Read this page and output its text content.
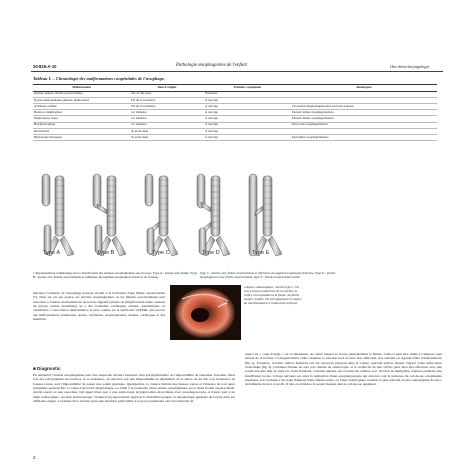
20-826-A-10	Pathologie œsophagienne de l'enfant	Oto-rhino-laryngologie
Tableau I. – Chronologie des malformations congénitales de l'œsophage.
Malformation	Date d'origine	Premiers symptômes	Remarques
Atrésie, sténose, fistule (oesotrachéale)	22e au 36e jours	Naissance	
Kystes entérogéniques (lésions, duplication)	Fin du 1er trimestre	À tout âge	
Achalasie cardiale	Fin du 1er trimestre	À tout âge	Les lésions diagnostiquées plus tard sont acquises
Hernie et diaphragmes	1er trimestre	À tout âge	Peuvent mimer œsophagomalacie
Duplications vraies	1er trimestre	À tout âge	Peuvent mimer œsophagomalacie
Brachyœsophage	1er trimestre	À tout âge	Pour toute œsophagomalacie
Diverticules	3e au 4e mois	À tout âge	
Hétérotopie muqueuse	5e au 6e mois	À tout âge	Peut imiter œsophagomalacie
Type A	Type B	Type C	Type D	Type E
1 Représentation schématique de la classification des atrésies œsophagiennes selon Gross. Type A : atrésie sans fistule. Type B : atrésie avec fistule oesotrachéale et inférieure du segment œsophagien d'axial et de l'atrésie.
Type C : atrésie avec fistule oesotrachéale et inférieure du segment œsophagien d'atrésie. Type D : atrésie œsophagienne avec fistule oesotrachéale. Type E : fistule oesotrachéale isolée.
mécanes localisées de l'œsophage peuvent aboutir à la formation d'une fistule oesotrachéale [7]. Dans un cas sur quatre, les atrésies œsophagiennes ou les fistules oesotrachéales sont associées à d'autres malformations du tractus digestif (atrésie ou imperforation anale, sténose du pylore, atrésie duodénale) ou à des anomalies cardiaques, rénales, squelettiques ou vertébrales. L'association malformative la plus connue est le syndrome VATERL qui associe des malformations vertébrales, anales, trachéales, œsophagiennes, rénales, cardiaques et des membres.
2 Aspect endoscopique : atrésie type C. On voit à la face postérieure de la trachée un orifice correspondant à la fistule. La flèche montre l'orifice. On voit également un aspect de trachéomalacie à l'endroit de la fistule.
■ Diagnostic
En anténatal, l'atrésie œsophagienne peut être suspectée devant l'existence d'un polyhydramnios ou l'impossibilité de visualiser l'estomac fœtal lors des échographies successives. À la naissance, on retrouve soit une impossibilité de déglutition de la salive ou du lait, soit l'existence de fausses routes, soit l'impossibilité de passer une sonde gastrique. Quelquefois, la carence initiale des fausses routes et l'absence de tout autre symptôme peuvent être la cause d'un retard diagnostique. Le bilan à la recherche d'une atrésie œsophagienne et/ou d'une fistule oesotrachéale, qu'elle soient ou non associées, fait appel d'une part à une endoscopie laryngotrachéo-bronchique avec œsophagoscopie, et d'autre part à un bilan radiologique. Au plan endoscopique, l'examen laryngotrachéal apprécie la mobilité laryngée, la morphologie générale du larynx dans ses différents étages. L'examen de la trachée porte une attention particulière à la paroi postérieure où l'on recherche un
aspect en « coup d'ongle » sur la muqueuse, au centre duquel se trouve généralement la fistule. Celle-ci peut être située à n'importe quel niveau de la trachée. L'enregistrement vidéo visualise la jonction hors recours hors infection, très souvent on regarde d'une trachéomalacie (fig 2). Toutefois, certains orifices fistuleux ont été retrouvés jusqu'au dans la carène, pouvant parfois donner l'aspect d'une trifurcation bronchique (fig 3). Certaines fistules ne sont pas visibles en endoscopie, et la recherche de leur orifice peut alors être effectuée avec une sonde très fine afin de suivre le trajet fistuleux. Certains auteurs ont colorisé les orifices avec du bleu de méthylène, d'autres préfèrent une insufflation locale. L'étape suivante est alors la réalisation d'une œsophagoscopie qui retrouve soit la présence du cul-de-sac œsophagien supérieur, soit l'existence du trajet fistuleux d'une fistule isolée. Le bilan radiologique consiste le plus souvent en une radiographie thoraco-abdominale de face et profil. Il met en évidence la sonde bloquée dans le cul-de-sac supérieur.
2
